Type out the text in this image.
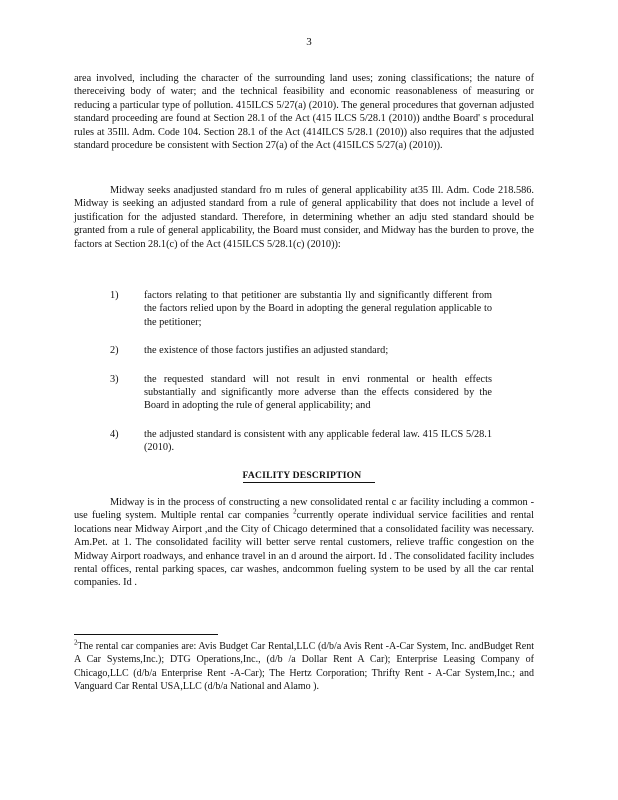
3

area involved, including the character of the surrounding land uses; zoning classifications; the nature of thereceiving body of water; and the technical feasibility and economic reasonableness of measuring or reducing a particular type of pollution. 415ILCS 5/27(a) (2010). The general procedures that governan adjusted standard proceeding are found at Section 28.1 of the Act (415 ILCS 5/28.1 (2010)) andthe Board' s procedural rules at 35Ill. Adm. Code 104. Section 28.1 of the Act (414ILCS 5/28.1 (2010)) also requires that the adjusted standard procedure be consistent with Section 27(a) of the Act (415ILCS 5/27(a) (2010)).

Midway seeks anadjusted standard fro m rules of general applicability at35 Ill. Adm. Code 218.586. Midway is seeking an adjusted standard from a rule of general applicability that does not include a level of justification for the adjusted standard. Therefore, in determining whether an adju sted standard should be granted from a rule of general applicability, the Board must consider, and Midway has the burden to prove, the factors at Section 28.1(c) of the Act (415ILCS 5/28.1(c) (2010)):

1) factors relating to that petitioner are substantia lly and significantly different from the factors relied upon by the Board in adopting the general regulation applicable to the petitioner;
2) the existence of those factors justifies an adjusted standard;
3) the requested standard will not result in envi ronmental or health effects substantially and significantly more adverse than the effects considered by the Board in adopting the rule of general applicability; and
4) the adjusted standard is consistent with any applicable federal law. 415 ILCS 5/28.1 (2010).
FACILITY DESCRIPTION

Midway is in the process of constructing a new consolidated rental c ar facility including a common -use fueling system. Multiple rental car companies $^2$currently operate individual service facilities and rental locations near Midway Airport ,and the City of Chicago determined that a consolidated facility was necessary. Am.Pet. at 1. The consolidated facility will better serve rental customers, relieve traffic congestion on the Midway Airport roadways, and enhance travel in an d around the airport. Id . The consolidated facility includes rental offices, rental parking spaces, car washes, andcommon fueling system to be used by all the car rental companies. Id .

$^2$The rental car companies are: Avis Budget Car Rental,LLC (d/b/a Avis Rent -A-Car System, Inc. andBudget Rent A Car Systems,Inc.); DTG Operations,Inc., (d/b /a Dollar Rent A Car); Enterprise Leasing Company of Chicago,LLC (d/b/a Enterprise Rent -A-Car); The Hertz Corporation; Thrifty Rent - A-Car System,Inc.; and Vanguard Car Rental USA,LLC (d/b/a National and Alamo ).
